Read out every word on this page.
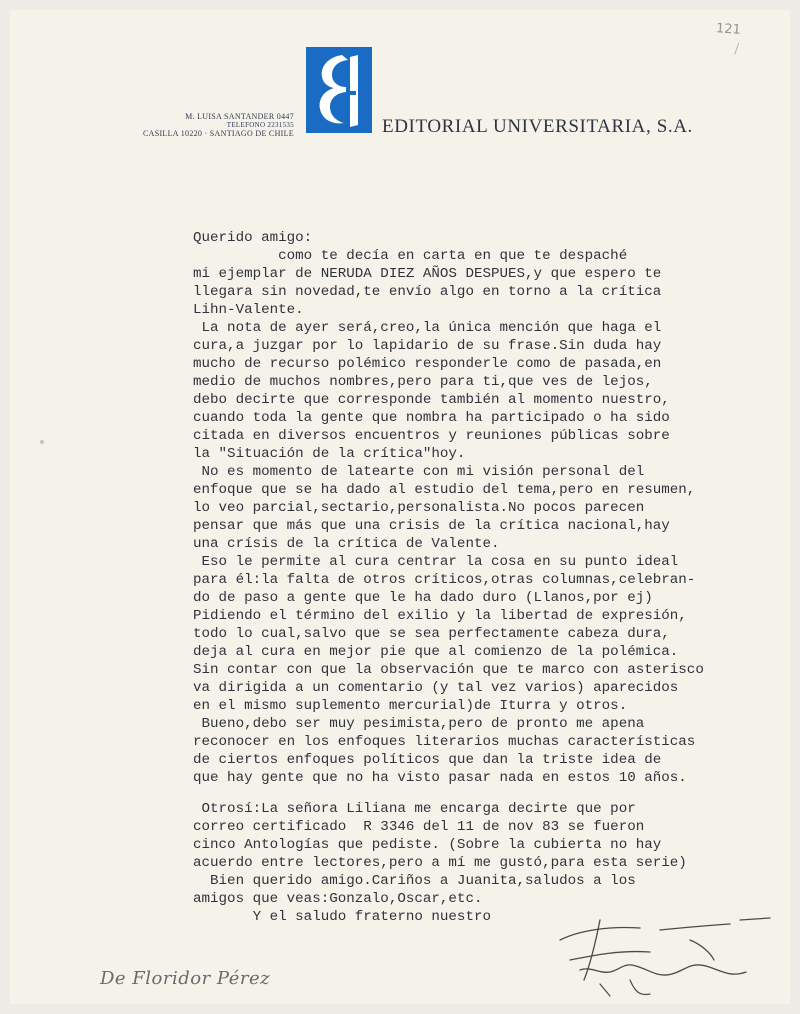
121
M. LUISA SANTANDER 0447
TELEFONO 2231535
CASILLA 10220 · SANTIAGO DE CHILE	EDITORIAL UNIVERSITARIA, S.A.
Querido amigo:
como te decía en carta en que te despaché
mi ejemplar de NERUDA DIEZ AÑOS DESPUES,y que espero te
llegara sin novedad,te envío algo en torno a la crítica
Lihn-Valente.
La nota de ayer será,creo,la única mención que haga el
cura,a juzgar por lo lapidario de su frase.Sin duda hay
mucho de recurso polémico responderle como de pasada,en
medio de muchos nombres,pero para ti,que ves de lejos,
debo decirte que corresponde también al momento nuestro,
cuando toda la gente que nombra ha participado o ha sido
citada en diversos encuentros y reuniones públicas sobre
la "Situación de la crítica"hoy.
No es momento de latearte con mi visión personal del
enfoque que se ha dado al estudio del tema,pero en resumen,
lo veo parcial,sectario,personalista.No pocos parecen
pensar que más que una crisis de la crítica nacional,hay
una crísis de la crítica de Valente.
Eso le permite al cura centrar la cosa en su punto ideal
para él:la falta de otros críticos,otras columnas,celebran-
do de paso a gente que le ha dado duro (Llanos,por ej)
Pidiendo el término del exilio y la libertad de expresión,
todo lo cual,salvo que se sea perfectamente cabeza dura,
deja al cura en mejor pie que al comienzo de la polémica.
Sin contar con que la observación que te marco con asterisco
va dirigida a un comentario (y tal vez varios) aparecidos
en el mismo suplemento mercurial)de Iturra y otros.
Bueno,debo ser muy pesimista,pero de pronto me apena
reconocer en los enfoques literarios muchas características
de ciertos enfoques políticos que dan la triste idea de
que hay gente que no ha visto pasar nada en estos 10 años.
Otrosí:La señora Liliana me encarga decirte que por
correo certificado  R 3346 del 11 de nov 83 se fueron
cinco Antologías que pediste. (Sobre la cubierta no hay
acuerdo entre lectores,pero a mí me gustó,para esta serie)
Bien querido amigo.Cariños a Juanita,saludos a los
amigos que veas:Gonzalo,Oscar,etc.
Y el saludo fraterno nuestro
De Floridor Pérez
